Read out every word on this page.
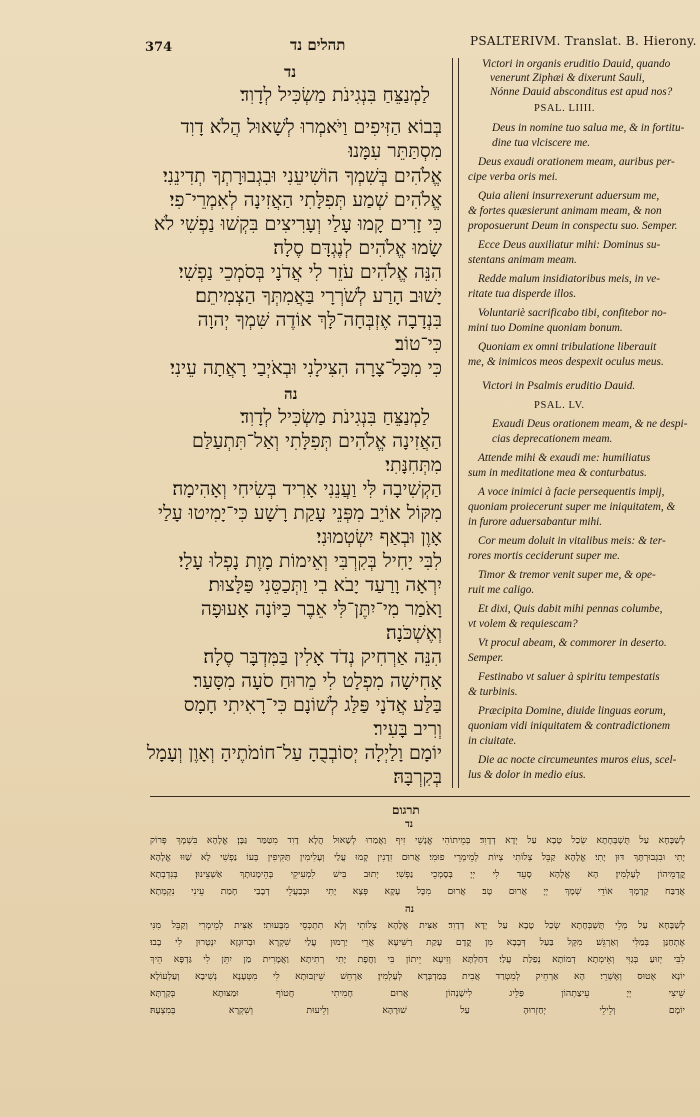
374	תהלים נד	PSALTERIVM. Translat. B. Hierony.
נד
לַמְנַצֵּחַ בִּנְגִינֹת מַשְׂכִּיל לְדָוִד׃
בְּבוֹא הַזִּיפִים וַיֹּאמְרוּ לְשָׁאוּל הֲלֹא דָוִד
מִסְתַּתֵּר עִמָּנוּ׃
אֱלֹהִים בְּשִׁמְךָ הוֹשִׁיעֵנִי וּבִגְבוּרָתְךָ תְדִינֵנִי׃
אֱלֹהִים שְׁמַע תְּפִלָּתִי הַאֲזִינָה לְאִמְרֵי־פִי׃
כִּי זָרִים קָמוּ עָלַי וְעָרִיצִים בִּקְשׁוּ נַפְשִׁי לֹא
שָׂמוּ אֱלֹהִים לְנֶגְדָּם סֶלָה׃
הִנֵּה אֱלֹהִים עֹזֵר לִי אֲדֹנָי בְּסֹמְכֵי נַפְשִׁי׃
יָשׁוּב הָרַע לְשֹׁרְרָי בַּאֲמִתְּךָ הַצְמִיתֵם׃
בִּנְדָבָה אֶזְבְּחָה־לָּךְ אוֹדֶה שִּׁמְךָ יְהוָה
כִּי־טוֹב׃
כִּי מִכָּל־צָרָה הִצִּילָנִי וּבְאֹיְבַי רָאֲתָה עֵינִי׃
נה
לַמְנַצֵּחַ בִּנְגִינֹת מַשְׂכִּיל לְדָוִד׃
הַאֲזִינָה אֱלֹהִים תְּפִלָּתִי וְאַל־תִּתְעַלַּם
מִתְּחִנָּתִי׃
הַקְשִׁיבָה לִּי וַעֲנֵנִי אָרִיד בְּשִׂיחִי וְאָהִימָה׃
מִקּוֹל אוֹיֵב מִפְּנֵי עָקַת רָשָׁע כִּי־יָמִיטוּ עָלַי
אָוֶן וּבְאַף יִשְׂטְמוּנִי׃
לִבִּי יָחִיל בְּקִרְבִּי וְאֵימוֹת מָוֶת נָפְלוּ עָלָי׃
יִרְאָה וָרַעַד יָבֹא בִי וַתְּכַסֵּנִי פַּלָּצוּת׃
וָאֹמַר מִי־יִתֶּן־לִּי אֵבֶר כַּיּוֹנָה אָעוּפָה
וְאֶשְׁכֹּנָה׃
הִנֵּה אַרְחִיק נְדֹד אָלִין בַּמִּדְבָּר סֶלָה׃
אָחִישָׁה מִפְלָט לִי מֵרוּחַ סֹעָה מִסָּעַר׃
בַּלַּע אֲדֹנָי פַּלַּג לְשׁוֹנָם כִּי־רָאִיתִי חָמָס
וְרִיב בָּעִיר׃
יוֹמָם וָלַיְלָה יְסוֹבְבֻהָ עַל־חוֹמֹתֶיהָ וְאָוֶן וְעָמָל
בְּקִרְבָּהּ׃
Victori in organis eruditio Dauid, quando
venerunt Ziphæi & dixerunt Sauli,
Nónne Dauid absconditus est apud nos?
PSAL. LIIII.
Deus in nomine tuo salua me, & in fortitu-
dine tua vlciscere me.
Deus exaudi orationem meam, auribus per-
cipe verba oris mei.
Quia alieni insurrexerunt aduersum me,
& fortes quæsierunt animam meam, & non
proposuerunt Deum in conspectu suo. Semper.
Ecce Deus auxiliatur mihi: Dominus su-
stentans animam meam.
Redde malum insidiatoribus meis, in ve-
ritate tua disperde illos.
Voluntariè sacrificabo tibi, confitebor no-
mini tuo Domine quoniam bonum.
Quoniam ex omni tribulatione liberauit
me, & inimicos meos despexit oculus meus.
Victori in Psalmis eruditio Dauid.
PSAL. LV.
Exaudi Deus orationem meam, & ne despi-
cias deprecationem meam.
Attende mihi & exaudi me: humiliatus
sum in meditatione mea & conturbatus.
A voce inimici à facie persequentis impij,
quoniam proiecerunt super me iniquitatem, &
in furore aduersabantur mihi.
Cor meum doluit in vitalibus meis: & ter-
rores mortis ceciderunt super me.
Timor & tremor venit super me, & ope-
ruit me caligo.
Et dixi, Quis dabit mihi pennas columbe,
vt volem & requiescam?
Vt procul abeam, & commorer in deserto.
Semper.
Festinabo vt saluer à spiritu tempestatis
& turbinis.
Præcipita Domine, diuide linguas eorum,
quoniam vidi iniquitatem & contradictionem
in ciuitate.
Die ac nocte circumeuntes muros eius, scel-
lus & dolor in medio eius.
תרגום
נד
לְשַׁבָּחָא עַל תֻּשְׁבְּחָתָא שְׂכַל טָבָא עַל יְדָא דְדָוִד׃ בְּמֵיתוֹהִי אֱנָשֵׁי זִיף וַאֲמַרוּ לְשָׁאוּל הֲלָא דָוִד מִטַּמַּר גַּבָּן׃ אֱלָהָא בִּשְׁמָךְ פְּרוֹק
יָתִי וּבִגְבוּרְתָּךְ דּוּן יָתִי׃ אֱלָהָא קַבֵּל צְלוֹתִי צְיוֹת לְמֵימְרֵי פוּמִי׃ אֲרוּם זִדָנִין קָמוּ עֲלַי וְעָלִימִין תַּקִּיפִין בְּעוֹ נַפְשִׁי לָא שַׁוּוּ אֱלָהָא
קֳדָמֵיהוֹן לְעָלְמִין׃ הָא אֱלָהָא סָעֵד לִי יְיָ בְּסָמְכֵי נַפְשִׁי׃ יְתוּב בִּישׁ לִמְעִיקֵי בְּהֵימָנוּתָךְ אַשְׁצֵינוּן׃ בְּנִדְבְתָא
אֲדַבַּח קָדָמָךְ אוֹדֵי שְׁמָךְ יְיָ אֲרוּם טָב׃ אֲרוּם מִכָּל עָקָא פְּצָא יָתִי וּבְבַעֲלֵי דְבָבַי חָמַת עֵינִי נִקְמְתָא׃
נה
לְשַׁבָּחָא עַל מְלֵי תֻּשְׁבְּחָתָא שְׂכַל טָבָא עַל יְדָא דְדָוִד׃ אַצִּית אֱלָהָא צְלוֹתִי וְלָא תִתְכְּסֵי מִבָּעוּתִי׃ אַצִּית לְמֵימְרִי וְקַבֵּל מִנִּי
אֶתְחַנַּן בְּמַלִּי וְאַרְגֵּשׁ׃ מִקָּל בַּעַל דְּבָבָא מִן קֳדָם עָקַת רַשִּׁיעָא אֲרֵי יַרְמוּן עֲלַי שִׁקְרָא וּבְרוּגְזָא יִנְטְרוּן לִי בָבוּ׃
לִבִּי יְזוּעַ בְּגַוִּי וְאֵימְתָא דְמוֹתָא נְפַלַת עֲלַי׃ דַּחַלְתָּא וְזִיעָא יֵיתוֹן בִּי וַחֲפָת יָתִי רְתִיתָא׃ וַאֲמָרִית מַן יִתֵּן לִי גַּדְפָּא הֵיךְ
יוֹנָא אֶטוּס וְאֶשְׁרֵי׃ הָא אַרְחֵיק לְמִטְרַד אֲבִית בְּמַדְבְּרָא לְעָלְמִין׃ אַרְחֵשׁ שֵׁיזָבוּתָא לִי מִטְּעָנָא נְשִׁיבָא וְעַלְעוֹלָא׃
שֵׁיצִי יְיָ עֵיצַתְהוֹן פַּלֵּיג לִישָׁנְהוֹן אֲרוּם חָמִיתִי חֲטוֹף וּמַצּוּתָא בְּקַרְתָּא׃
יוֹמָם וְלֵילֵי יְחַזְרוּהָ עַל שׁוּרָהָא וְלֵיעוּת וְשִׁקְרָא בְּמִצְעָהּ׃
